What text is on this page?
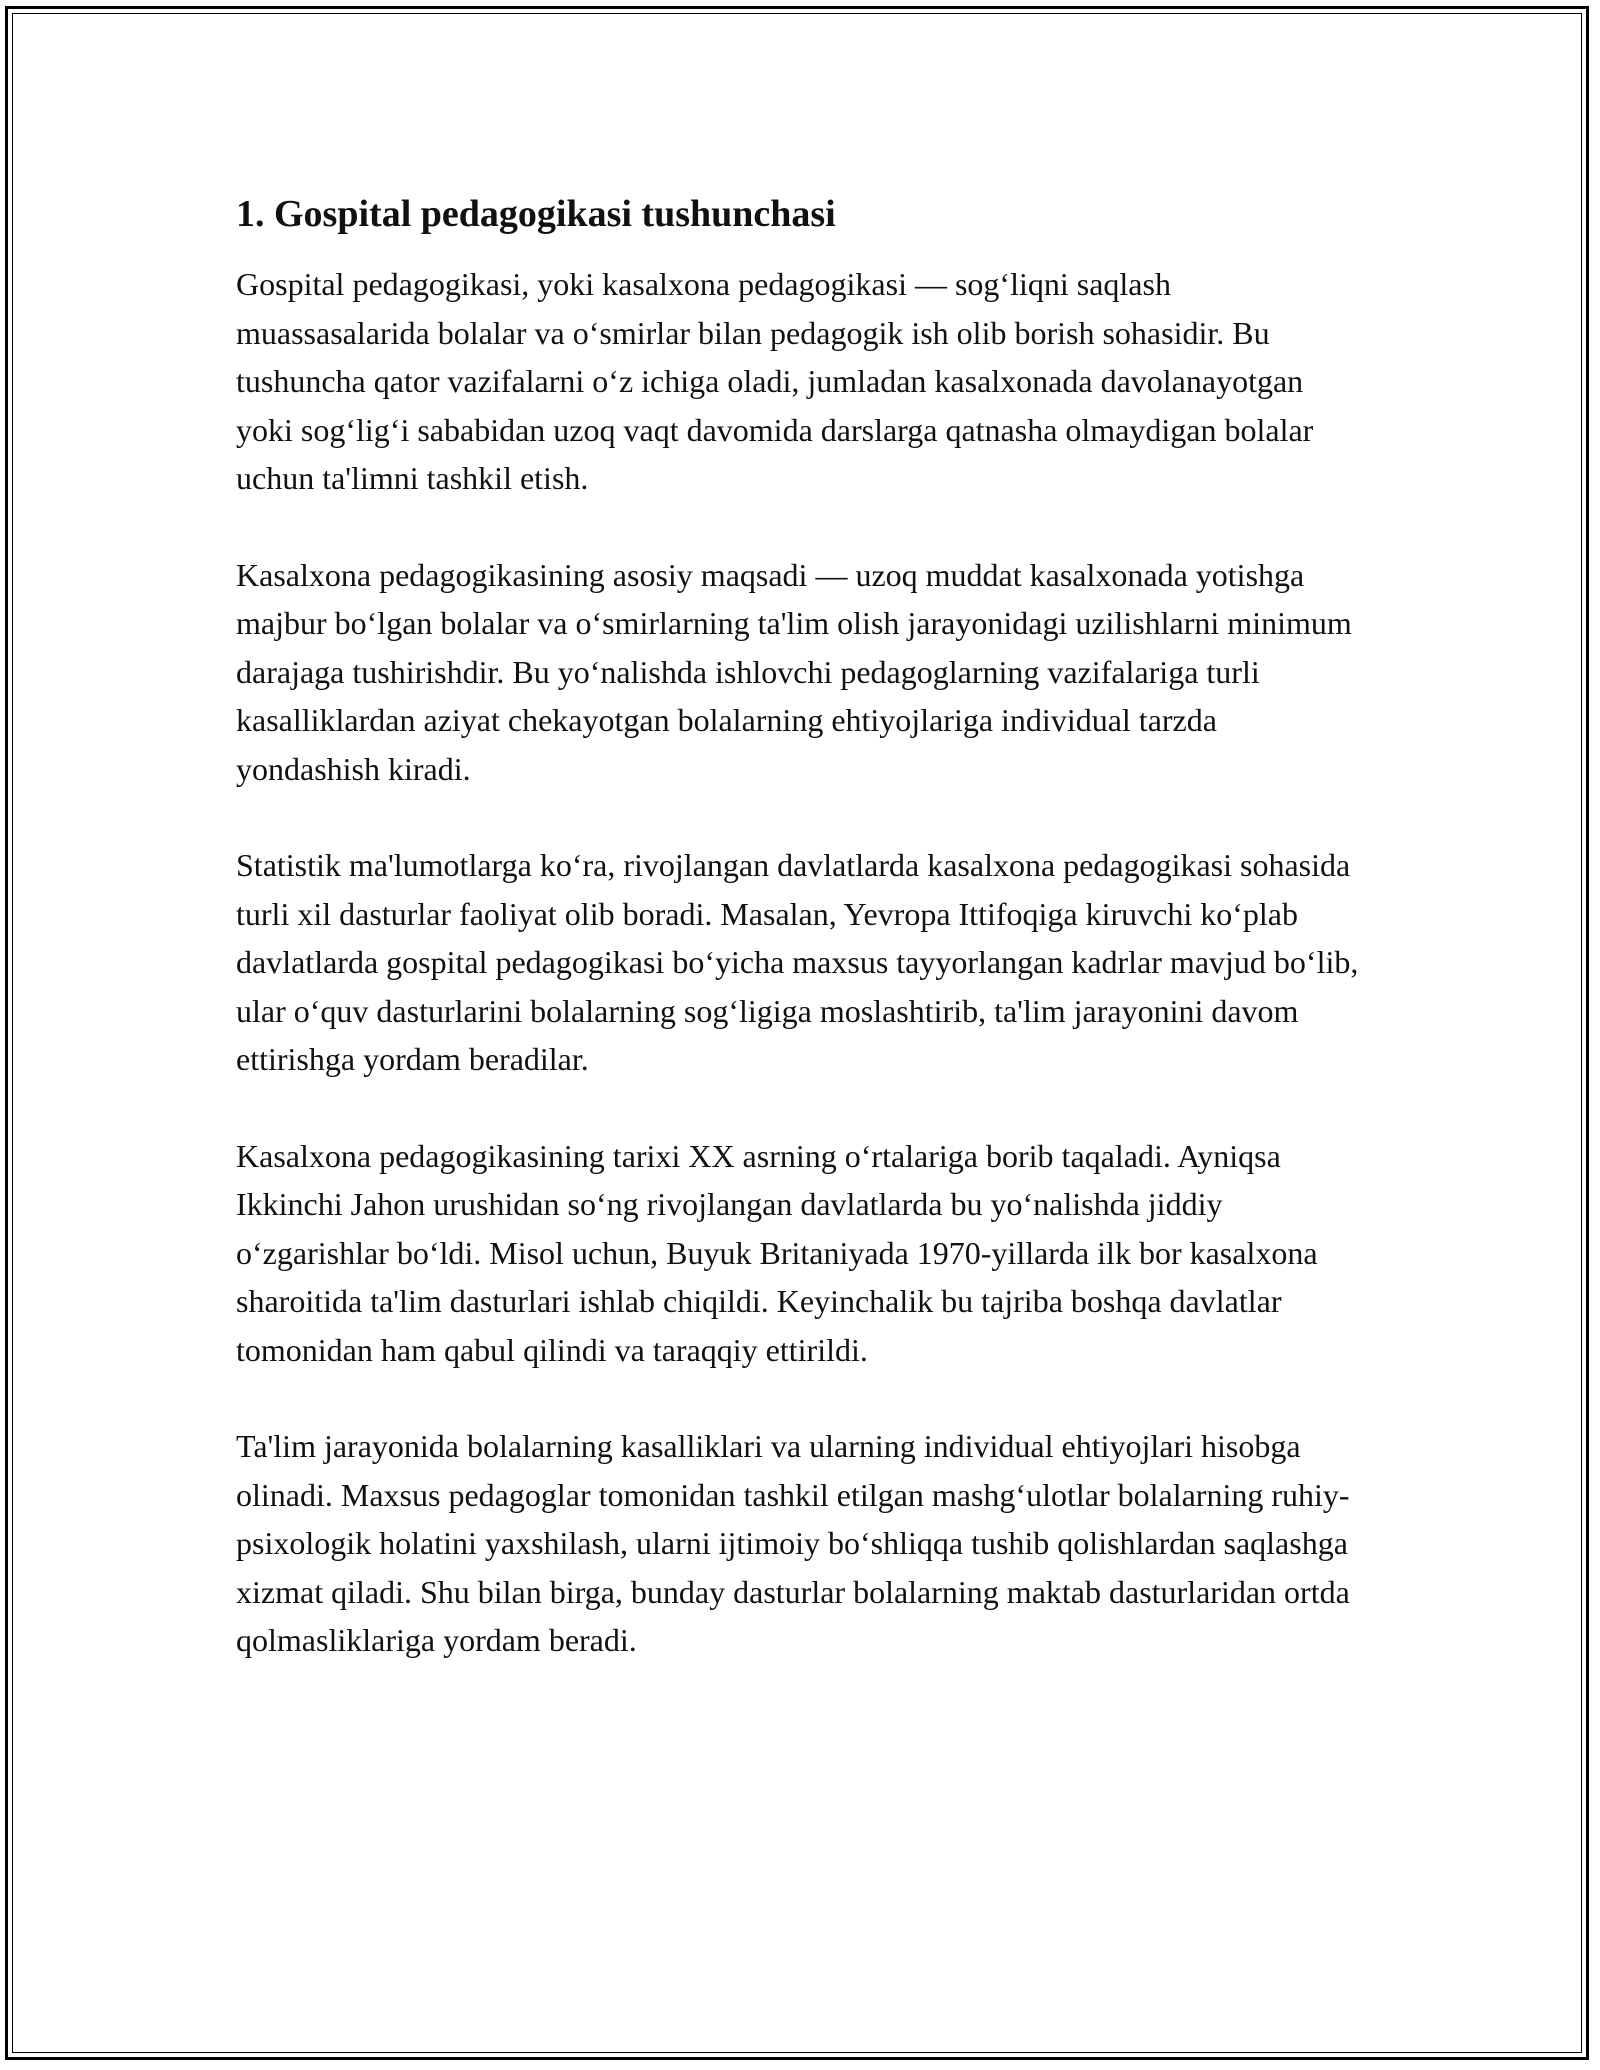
1. Gospital pedagogikasi tushunchasi

Gospital pedagogikasi, yoki kasalxona pedagogikasi — sog‘liqni saqlash muassasalarida bolalar va o‘smirlar bilan pedagogik ish olib borish sohasidir. Bu tushuncha qator vazifalarni o‘z ichiga oladi, jumladan kasalxonada davolanayotgan yoki sog‘lig‘i sababidan uzoq vaqt davomida darslarga qatnasha olmaydigan bolalar uchun ta'limni tashkil etish.

Kasalxona pedagogikasining asosiy maqsadi — uzoq muddat kasalxonada yotishga majbur bo‘lgan bolalar va o‘smirlarning ta'lim olish jarayonidagi uzilishlarni minimum darajaga tushirishdir. Bu yo‘nalishda ishlovchi pedagoglarning vazifalariga turli kasalliklardan aziyat chekayotgan bolalarning ehtiyojlariga individual tarzda yondashish kiradi.

Statistik ma'lumotlarga ko‘ra, rivojlangan davlatlarda kasalxona pedagogikasi sohasida turli xil dasturlar faoliyat olib boradi. Masalan, Yevropa Ittifoqiga kiruvchi ko‘plab davlatlarda gospital pedagogikasi bo‘yicha maxsus tayyorlangan kadrlar mavjud bo‘lib, ular o‘quv dasturlarini bolalarning sog‘ligiga moslashtirib, ta'lim jarayonini davom ettirishga yordam beradilar.

Kasalxona pedagogikasining tarixi XX asrning o‘rtalariga borib taqaladi. Ayniqsa Ikkinchi Jahon urushidan so‘ng rivojlangan davlatlarda bu yo‘nalishda jiddiy o‘zgarishlar bo‘ldi. Misol uchun, Buyuk Britaniyada 1970-yillarda ilk bor kasalxona sharoitida ta'lim dasturlari ishlab chiqildi. Keyinchalik bu tajriba boshqa davlatlar tomonidan ham qabul qilindi va taraqqiy ettirildi.

Ta'lim jarayonida bolalarning kasalliklari va ularning individual ehtiyojlari hisobga olinadi. Maxsus pedagoglar tomonidan tashkil etilgan mashg‘ulotlar bolalarning ruhiy-psixologik holatini yaxshilash, ularni ijtimoiy bo‘shliqqa tushib qolishlardan saqlashga xizmat qiladi. Shu bilan birga, bunday dasturlar bolalarning maktab dasturlaridan ortda qolmasliklariga yordam beradi.
